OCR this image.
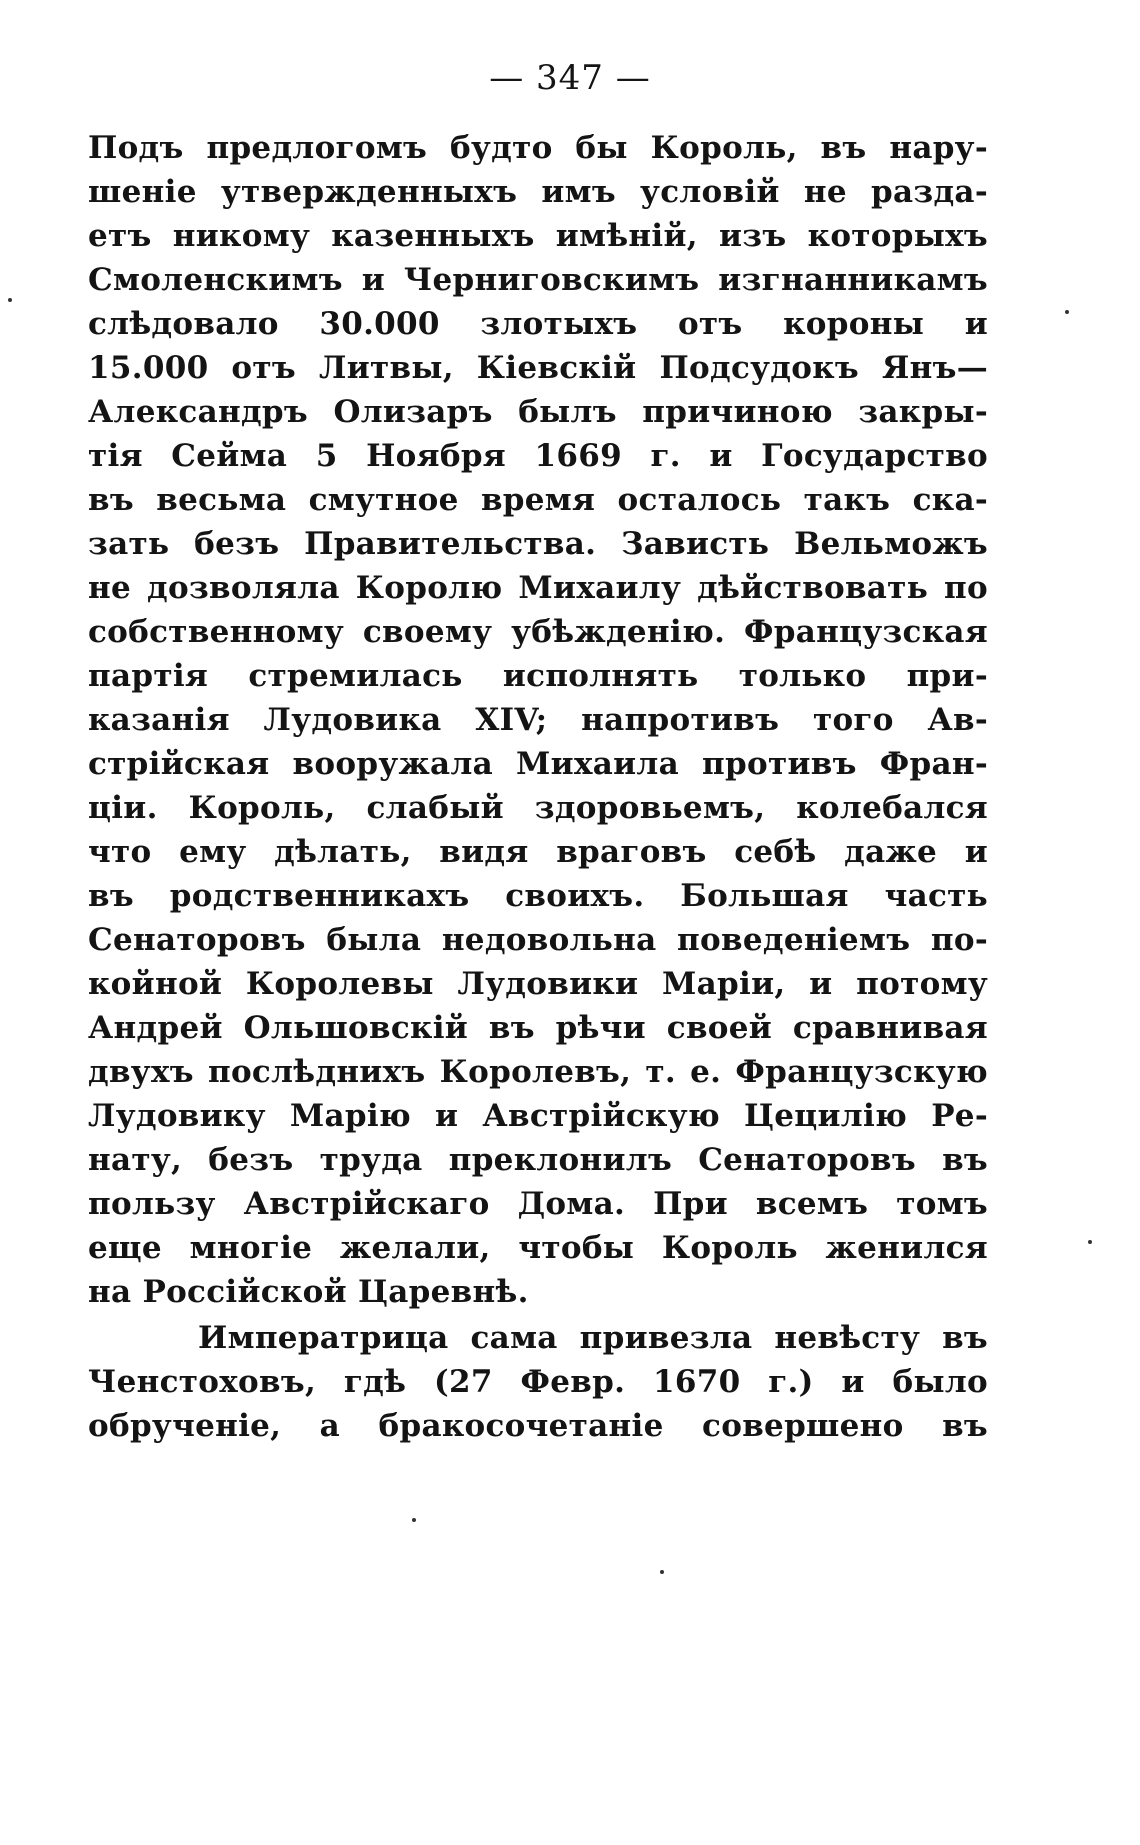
— 347 —
Подъ предлогомъ будто бы Король, въ нару-
шеніе утвержденныхъ имъ условій не разда-
етъ никому казенныхъ имѣній, изъ которыхъ
Смоленскимъ и Черниговскимъ изгнанникамъ
слѣдовало 30.000 злотыхъ отъ короны и
15.000 отъ Литвы, Кіевскій Подсудокъ Янъ—
Александръ Олизаръ былъ причиною закры-
тія Сейма 5 Ноября 1669 г. и Государство
въ весьма смутное время осталось такъ ска-
зать безъ Правительства. Зависть Вельможъ
не дозволяла Королю Михаилу дѣйствовать по
собственному своему убѣжденію. Французская
партія стремилась исполнять только при-
казанія Лудовика XIV; напротивъ того Ав-
стрійская вооружала Михаила противъ Фран-
ціи. Король, слабый здоровьемъ, колебался
что ему дѣлать, видя враговъ себѣ даже и
въ родственникахъ своихъ. Большая часть
Сенаторовъ была недовольна поведеніемъ по-
койной Королевы Лудовики Маріи, и потому
Андрей Ольшовскій въ рѣчи своей сравнивая
двухъ послѣднихъ Королевъ, т. е. Французскую
Лудовику Марію и Австрійскую Цецилію Ре-
нату, безъ труда преклонилъ Сенаторовъ въ
пользу Австрійскаго Дома. При всемъ томъ
еще многіе желали, чтобы Король женился
на Россійской Царевнѣ.
Императрица сама привезла невѣсту въ
Ченстоховъ, гдѣ (27 Февр. 1670 г.) и было
обрученіе, а бракосочетаніе совершено въ
